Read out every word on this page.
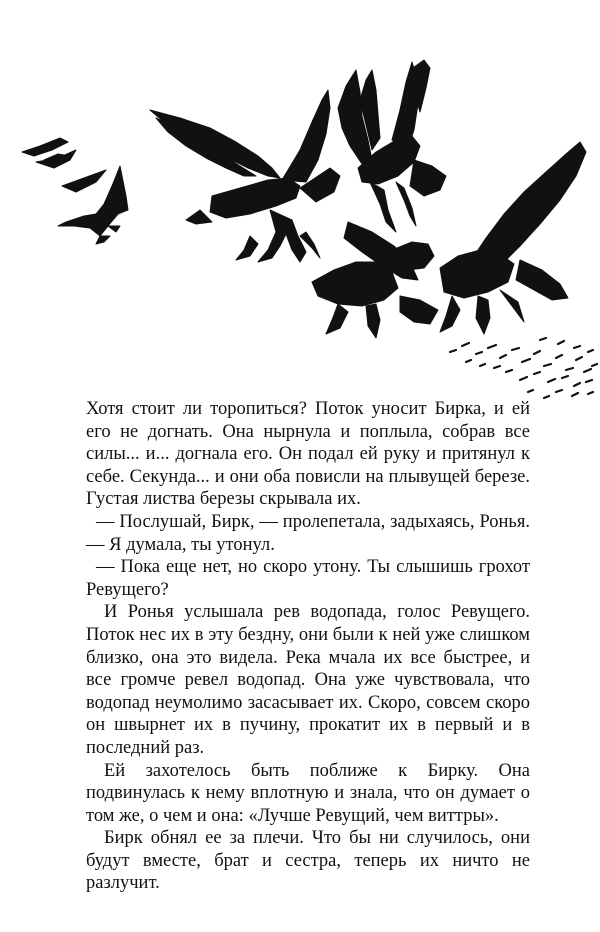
Хотя стоит ли торопиться? Поток уносит Бирка, и ей его не догнать. Она нырнула и поплыла, собрав все силы... и... догнала его. Он подал ей руку и притянул к себе. Секунда... и они оба повисли на плывущей березе. Густая листва березы скрывала их.

— Послушай, Бирк, — пролепетала, задыхаясь, Ронья. — Я думала, ты утонул.

— Пока еще нет, но скоро утону. Ты слышишь грохот Ревущего?

И Ронья услышала рев водопада, голос Ревущего. Поток нес их в эту бездну, они были к ней уже слишком близко, она это видела. Река мчала их все быстрее, и все громче ревел водопад. Она уже чувствовала, что водопад неумолимо засасывает их. Скоро, совсем скоро он швырнет их в пучину, прокатит их в первый и в последний раз.

Ей захотелось быть поближе к Бирку. Она подвинулась к нему вплотную и знала, что он думает о том же, о чем и она: «Лучше Ревущий, чем виттры».

Бирк обнял ее за плечи. Что бы ни случилось, они будут вместе, брат и сестра, теперь их ничто не разлучит.
